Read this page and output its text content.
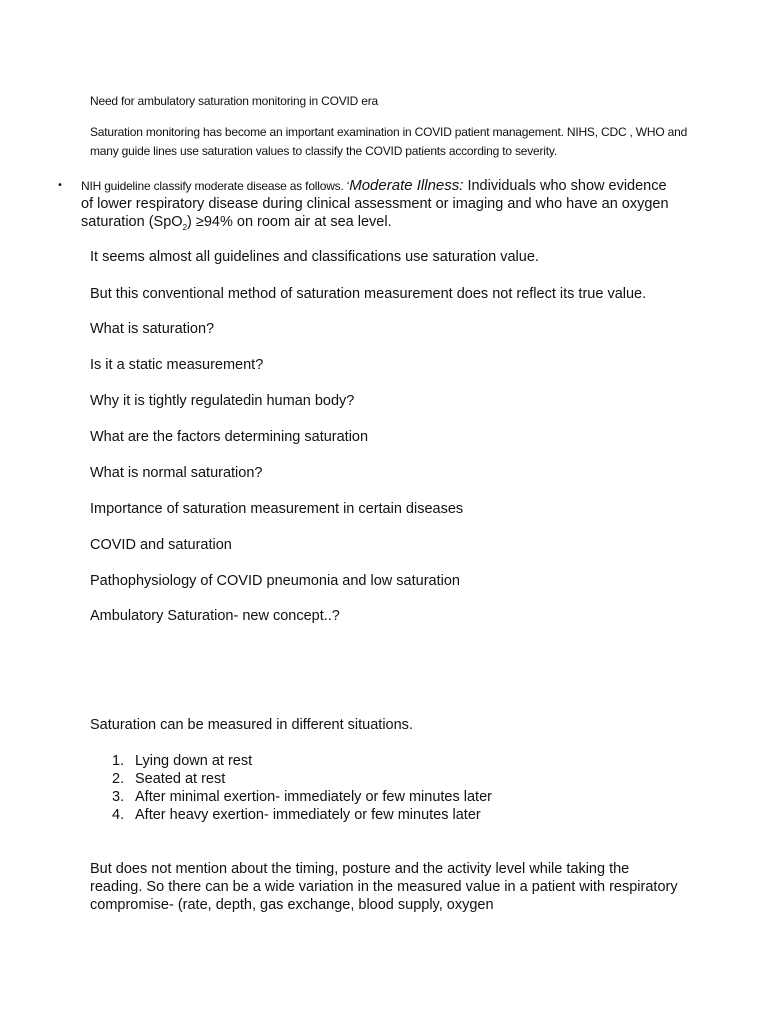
Need for ambulatory saturation monitoring in COVID era
Saturation monitoring has become an important examination in COVID patient management. NIHS, CDC , WHO and many guide lines use saturation values to classify the COVID patients according to severity.
• NIH guideline classify moderate disease as follows. ‘Moderate Illness: Individuals who show evidence of lower respiratory disease during clinical assessment or imaging and who have an oxygen saturation (SpO$_2$) ≥94% on room air at sea level.
It seems almost all guidelines and classifications use saturation value.
But this conventional method of saturation measurement does not reflect its true value.
What is saturation?
Is it a static measurement?
Why it is tightly regulatedin human body?
What are the factors determining saturation
What is normal saturation?
Importance of saturation measurement in certain diseases
COVID and saturation
Pathophysiology of COVID pneumonia and low saturation
Ambulatory Saturation- new concept..?
Saturation can be measured in different situations.
1. Lying down at rest
2. Seated at rest
3. After minimal exertion- immediately or few minutes later
4. After heavy exertion- immediately or few minutes later
But does not mention about the timing, posture and the activity level while taking the reading. So there can be a wide variation in the measured value in a patient with respiratory compromise- (rate, depth, gas exchange, blood supply, oxygen
